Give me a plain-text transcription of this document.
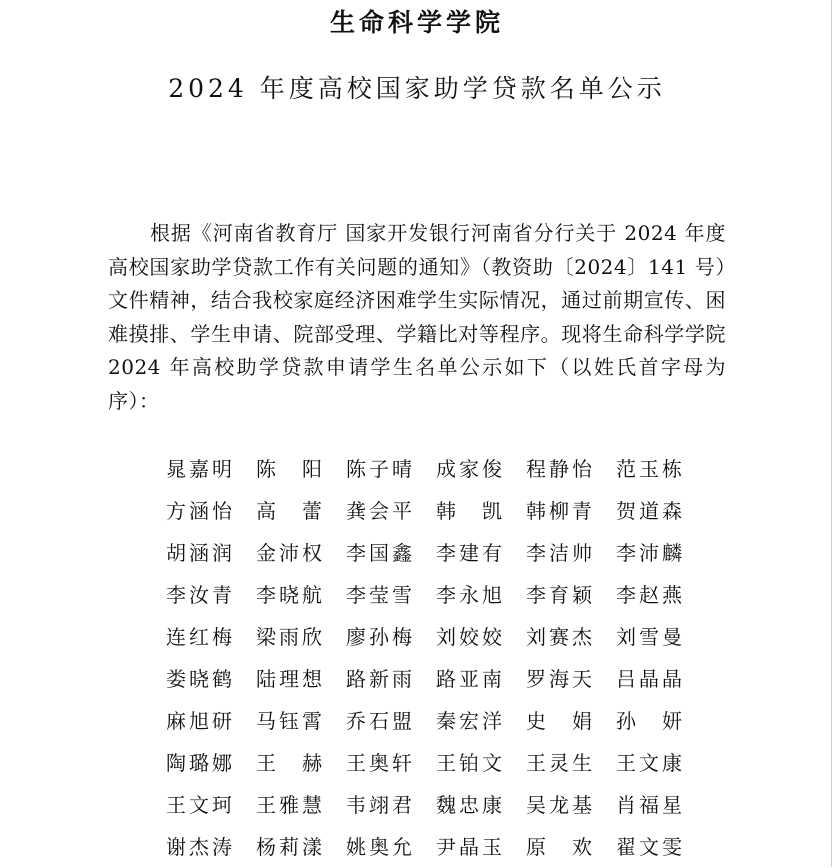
生命科学学院
2024 年度高校国家助学贷款名单公示

根据《河南省教育厅 国家开发银行河南省分行关于 2024 年度高校国家助学贷款工作有关问题的通知》（教资助〔2024〕141 号）文件精神，结合我校家庭经济困难学生实际情况，通过前期宣传、困难摸排、学生申请、院部受理、学籍比对等程序。现将生命科学学院 2024 年高校助学贷款申请学生名单公示如下（以姓氏首字母为序）：

晁嘉明 陈阳 陈子晴 成家俊 程静怡 范玉栋
方涵怡 高蕾 龚会平 韩凯 韩柳青 贺道森
胡涵润 金沛权 李国鑫 李建有 李洁帅 李沛麟
李汝青 李晓航 李莹雪 李永旭 李育颖 李赵燕
连红梅 梁雨欣 廖孙梅 刘姣姣 刘赛杰 刘雪曼
娄晓鹤 陆理想 路新雨 路亚南 罗海天 吕晶晶
麻旭研 马钰霄 乔石盟 秦宏洋 史娟 孙妍
陶璐娜 王赫 王奥轩 王铂文 王灵生 王文康
王文珂 王雅慧 韦翊君 魏忠康 吴龙基 肖福星
谢杰涛 杨莉漾 姚奥允 尹晶玉 原欢 翟文雯
